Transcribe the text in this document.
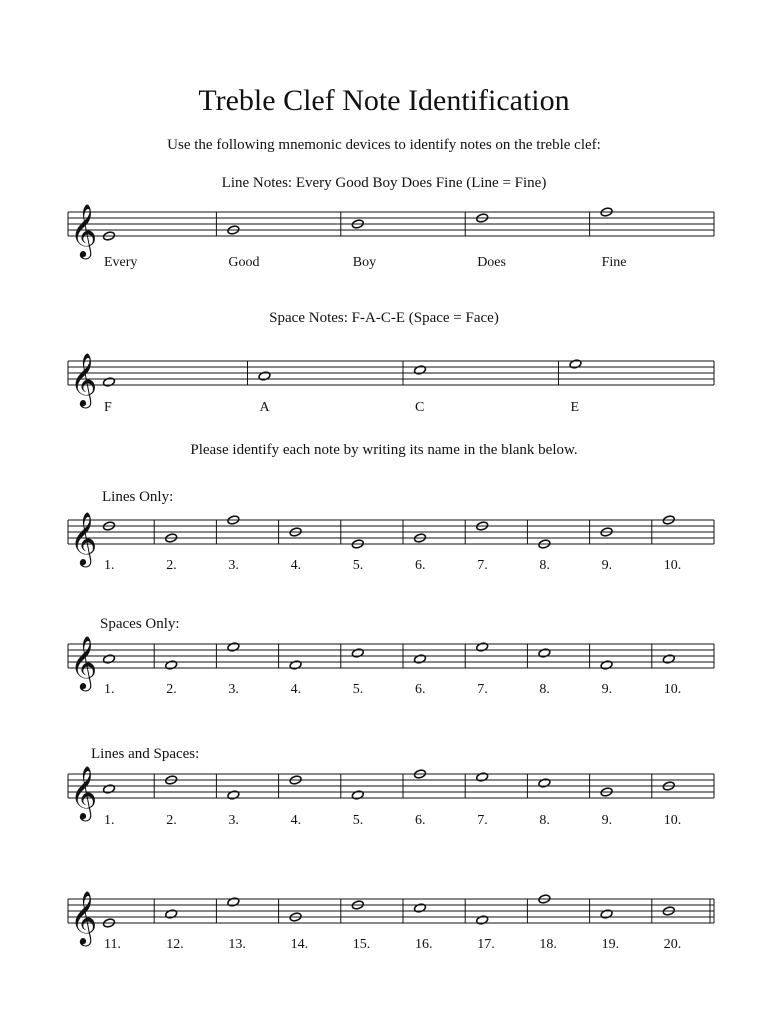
Treble Clef Note Identification
Use the following mnemonic devices to identify notes on the treble clef:
Line Notes: Every Good Boy Does Fine (Line = Fine)
𝄞
Every	Good	Boy	Does	Fine
Space Notes: F-A-C-E (Space = Face)
𝄞
F	A	C	E
Please identify each note by writing its name in the blank below.
Lines Only:
𝄞
1.	2.	3.	4.	5.	6.	7.	8.	9.	10.
Spaces Only:
𝄞
1.	2.	3.	4.	5.	6.	7.	8.	9.	10.
Lines and Spaces:
𝄞
1.	2.	3.	4.	5.	6.	7.	8.	9.	10.
𝄞
11.	12.	13.	14.	15.	16.	17.	18.	19.	20.
